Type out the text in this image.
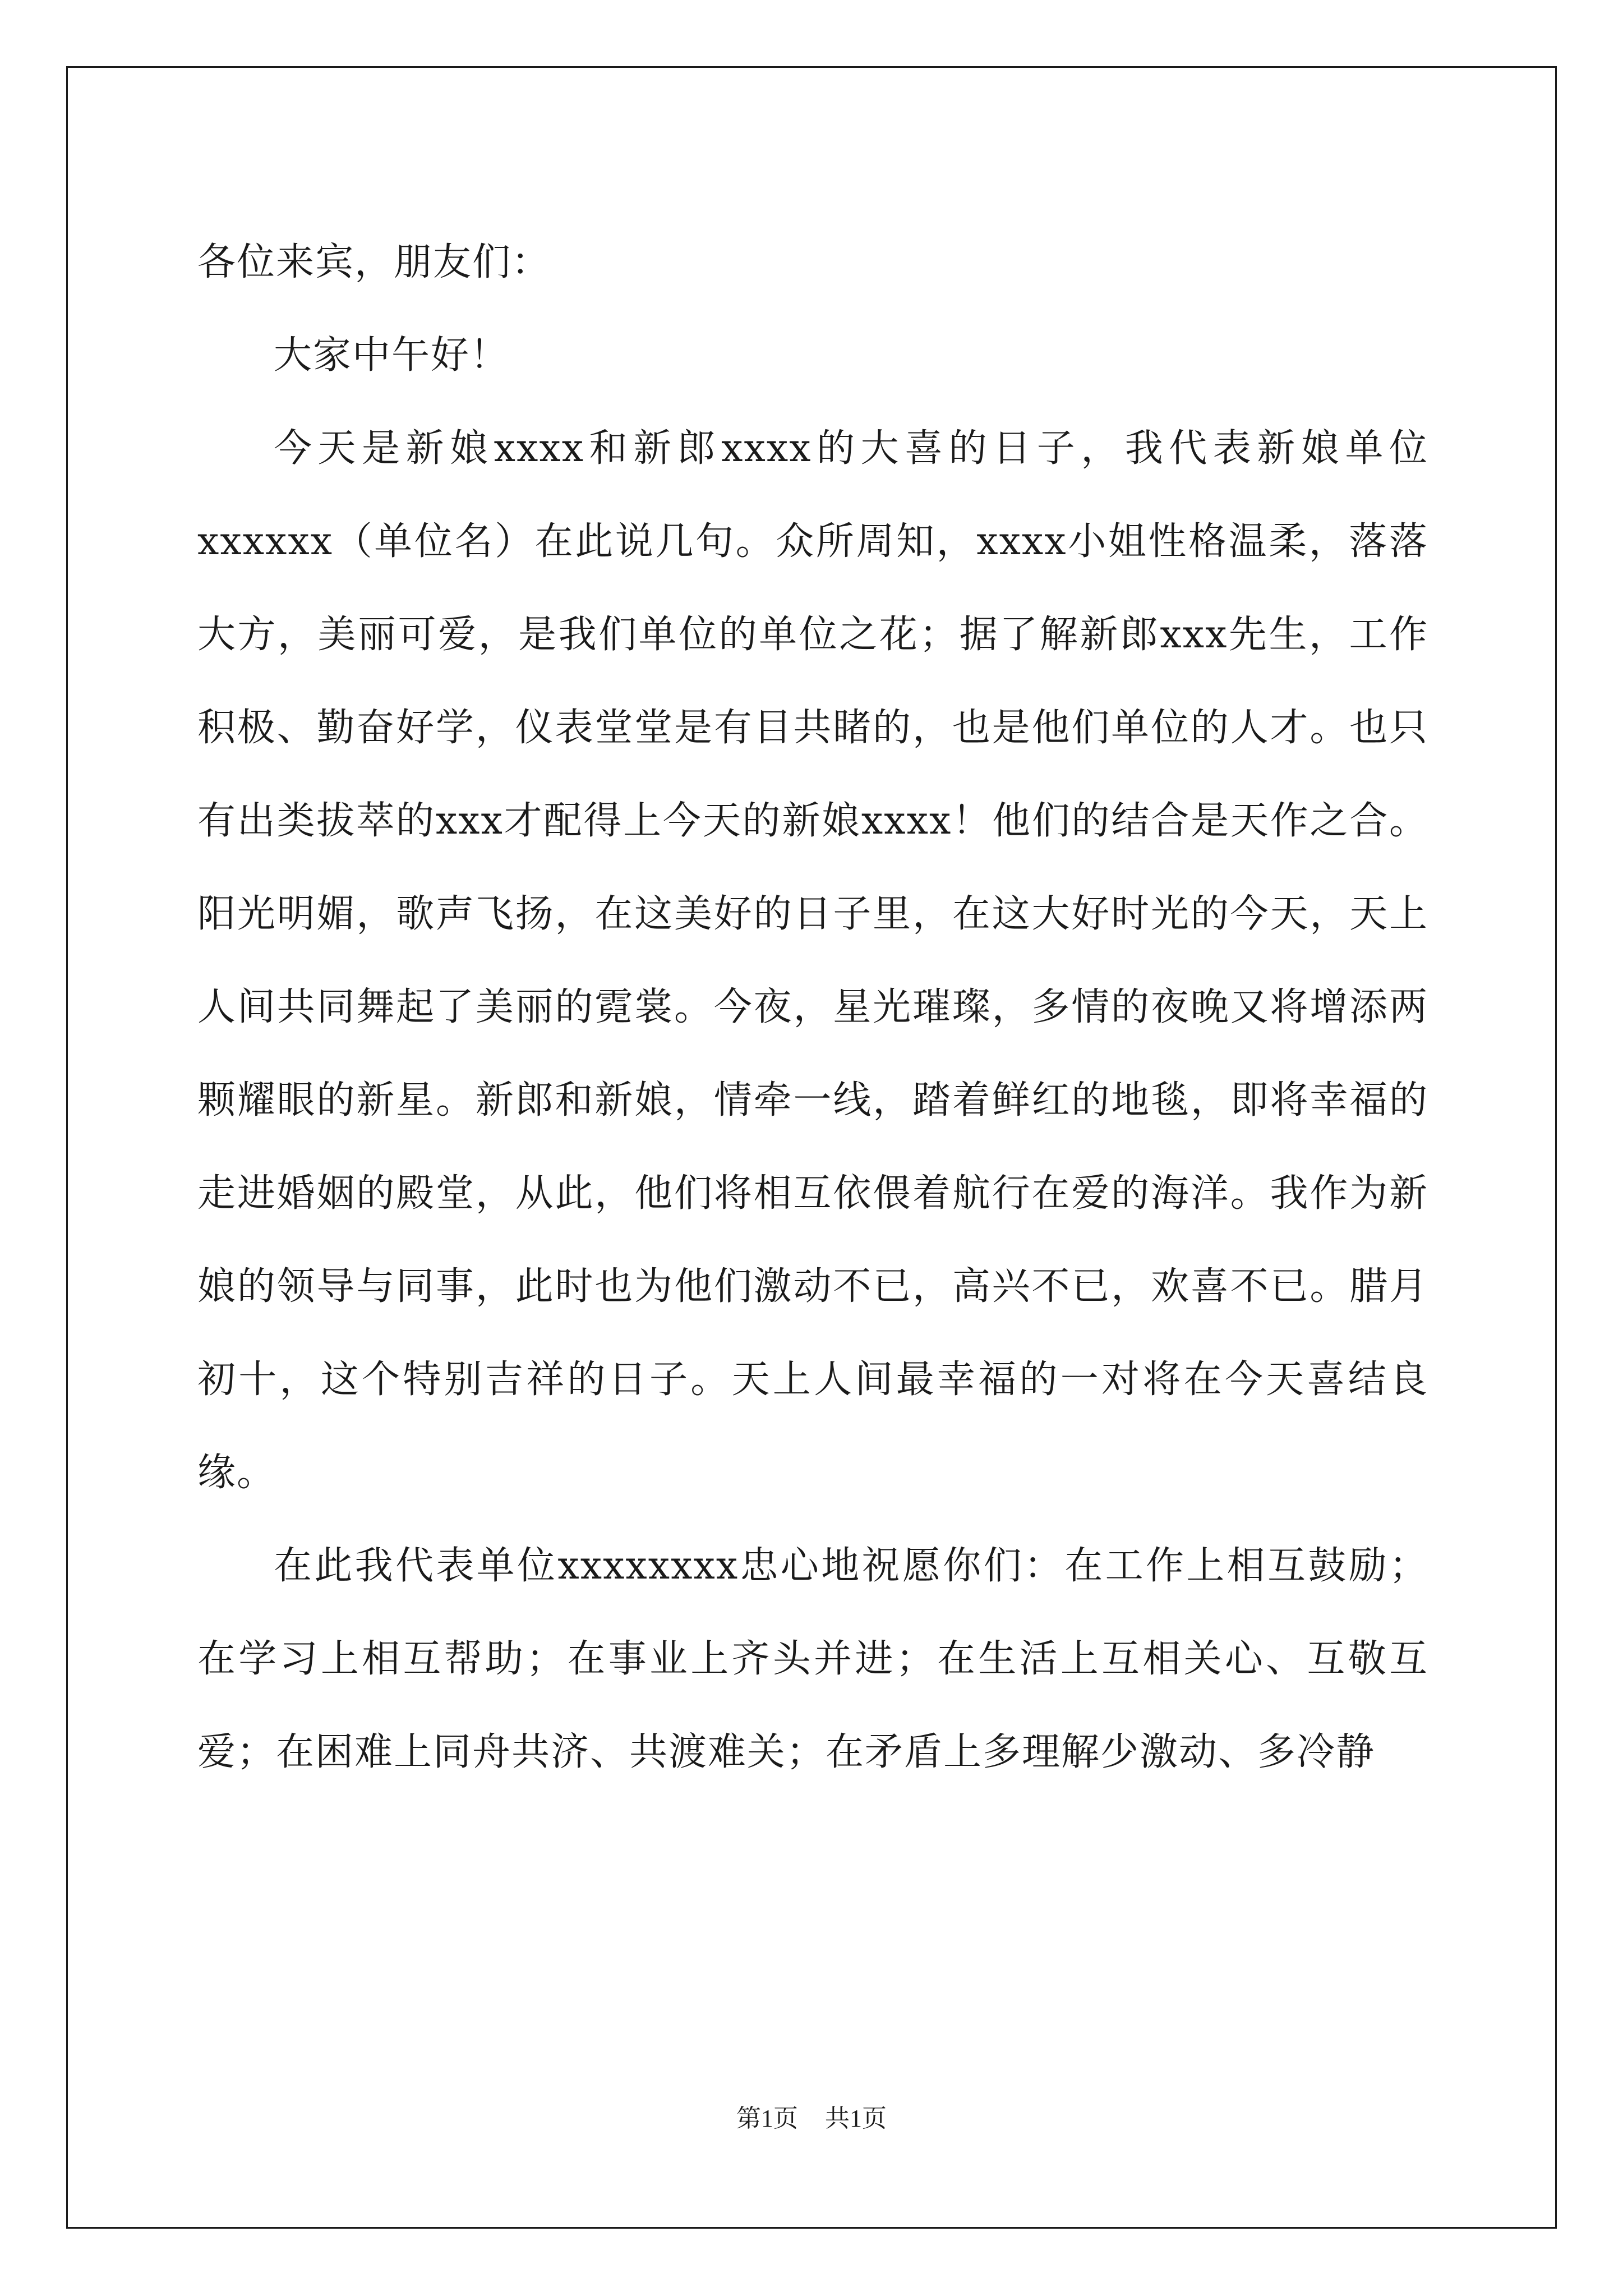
各位来宾，朋友们：

大家中午好！

今天是新娘xxxx和新郎xxxx的大喜的日子，我代表新娘单位xxxxxx（单位名）在此说几句。众所周知，xxxx小姐性格温柔，落落大方，美丽可爱，是我们单位的单位之花；据了解新郎xxx先生，工作积极、勤奋好学，仪表堂堂是有目共睹的，也是他们单位的人才。也只有出类拔萃的xxx才配得上今天的新娘xxxx！他们的结合是天作之合。阳光明媚，歌声飞扬，在这美好的日子里，在这大好时光的今天，天上人间共同舞起了美丽的霓裳。今夜，星光璀璨，多情的夜晚又将增添两颗耀眼的新星。新郎和新娘，情牵一线，踏着鲜红的地毯，即将幸福的走进婚姻的殿堂，从此，他们将相互依偎着航行在爱的海洋。我作为新娘的领导与同事，此时也为他们激动不已，高兴不已，欢喜不已。腊月初十，这个特别吉祥的日子。天上人间最幸福的一对将在今天喜结良缘。

在此我代表单位xxxxxxxx忠心地祝愿你们：在工作上相互鼓励；在学习上相互帮助；在事业上齐头并进；在生活上互相关心、互敬互爱；在困难上同舟共济、共渡难关；在矛盾上多理解少激动、多冷静

第1页 共1页
